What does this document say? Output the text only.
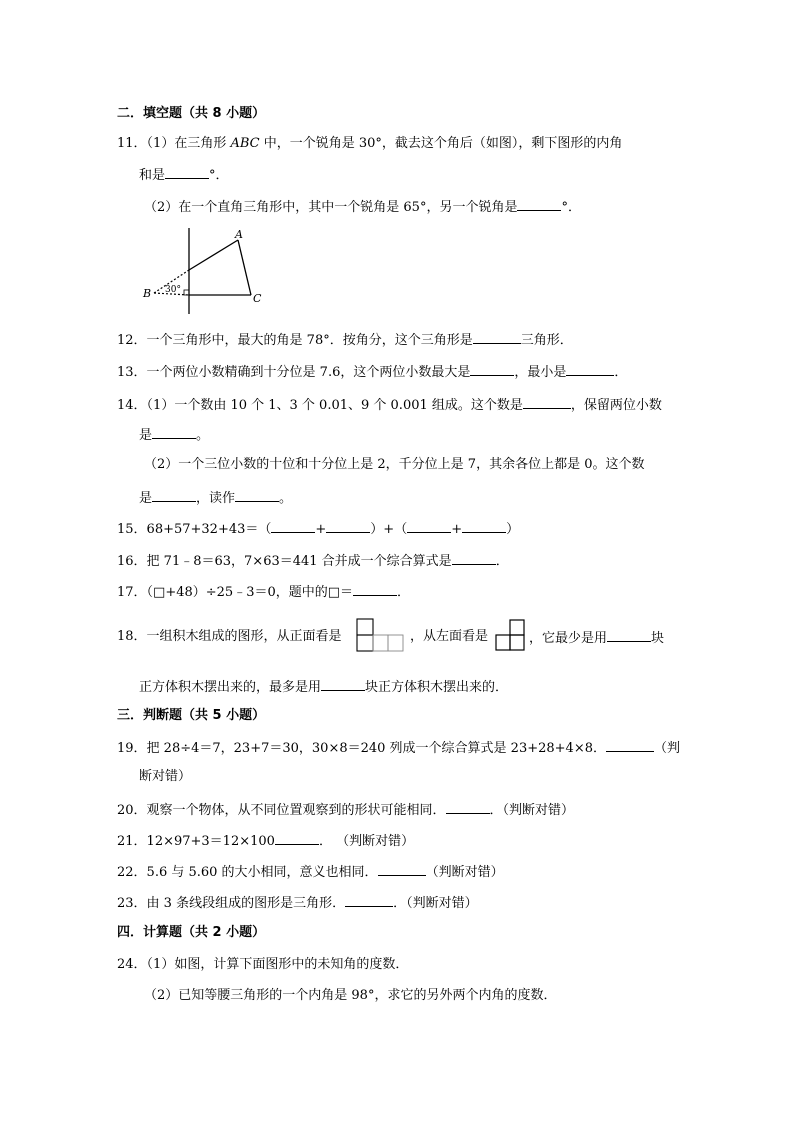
二．填空题（共 8 小题）
11．（1）在三角形 ABC 中，一个锐角是 30°，截去这个角后（如图），剩下图形的内角
和是	°．
（2）在一个直角三角形中，其中一个锐角是 65°，另一个锐角是	°．
A
B	C
30°
12．一个三角形中，最大的角是 78°．按角分，这个三角形是	三角形．
13．一个两位小数精确到十分位是 7.6，这个两位小数最大是	，最小是	．
14．（1）一个数由 10 个 1、3 个 0.01、9 个 0.001 组成。这个数是	，保留两位小数
是	。
（2）一个三位小数的十位和十分位上是 2，千分位上是 7，其余各位上都是 0。这个数
是	，读作	。
15．68+57+32+43＝（	+	）+（	+	）
16．把 71﹣8＝63，7×63＝441 合并成一个综合算式是	．
17．（□+48）÷25﹣3＝0，题中的□＝	．
18．一组积木组成的图形，从正面看是	，从左面看是	，它最少是用	块
正方体积木摆出来的，最多是用	块正方体积木摆出来的．
三．判断题（共 5 小题）
19．把 28÷4＝7，23+7＝30，30×8＝240 列成一个综合算式是 23+28+4×8．	（判
断对错）
20．观察一个物体，从不同位置观察到的形状可能相同．	．（判断对错）
21．12×97+3＝12×100	． （判断对错）
22．5.6 与 5.60 的大小相同，意义也相同．	（判断对错）
23．由 3 条线段组成的图形是三角形．	．（判断对错）
四．计算题（共 2 小题）
24．（1）如图，计算下面图形中的未知角的度数．
（2）已知等腰三角形的一个内角是 98°，求它的另外两个内角的度数．
